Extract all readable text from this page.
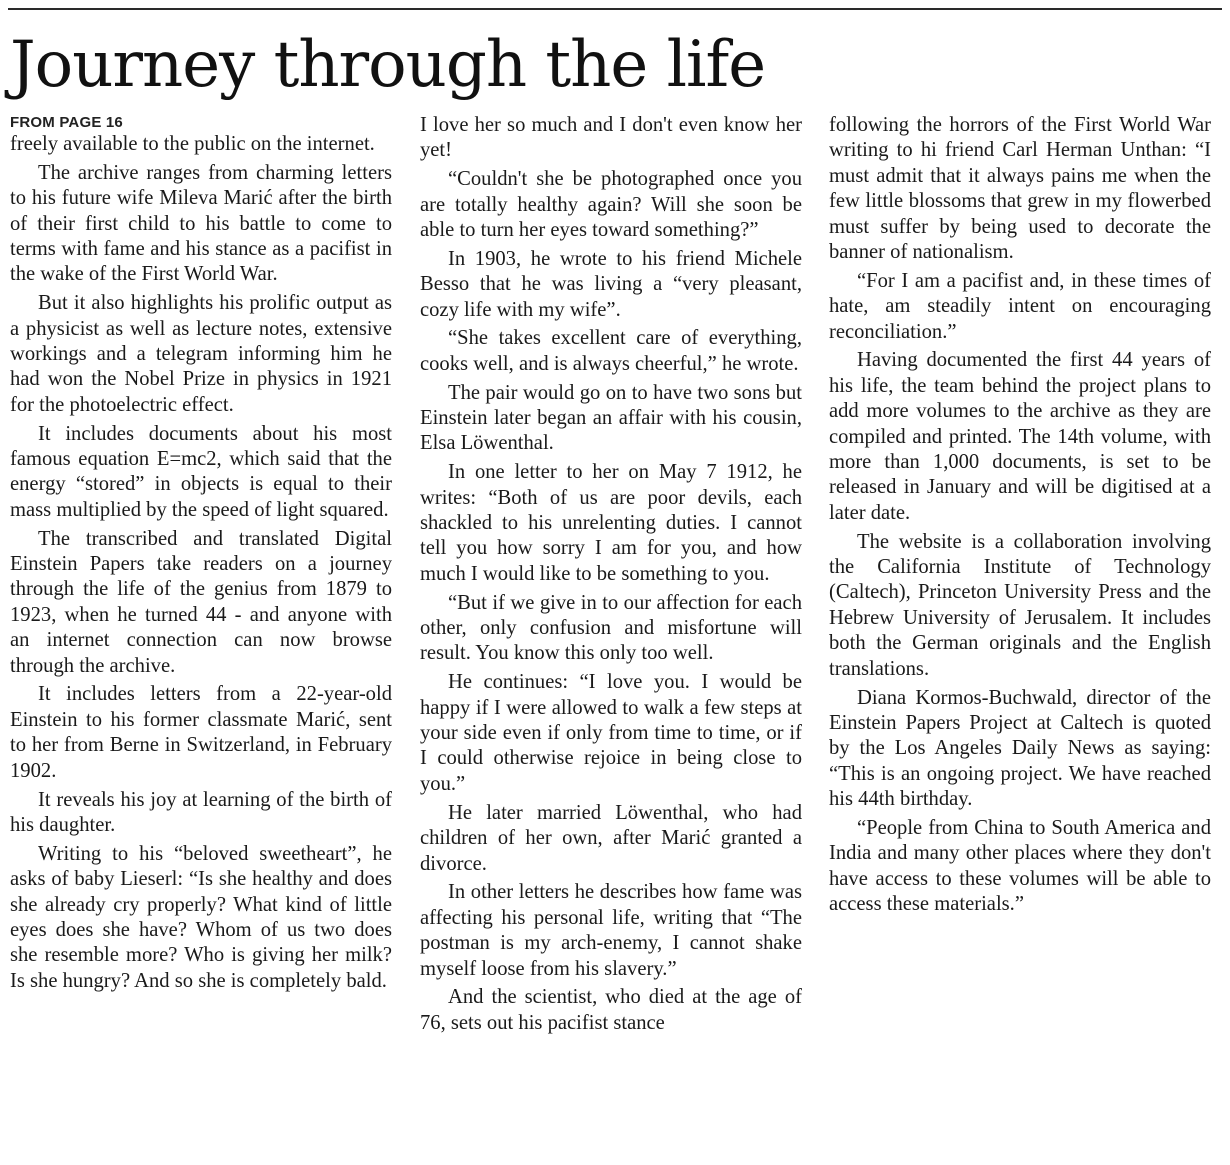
Journey through the life
FROM PAGE 16

freely available to the public on the internet.

The archive ranges from charming letters to his future wife Mileva Marić after the birth of their first child to his battle to come to terms with fame and his stance as a pacifist in the wake of the First World War.

But it also highlights his prolific output as a physicist as well as lecture notes, extensive workings and a telegram informing him he had won the Nobel Prize in physics in 1921 for the photoelectric effect.

It includes documents about his most famous equation E=mc2, which said that the energy “stored” in objects is equal to their mass multiplied by the speed of light squared.

The transcribed and translated Digital Einstein Papers take readers on a journey through the life of the genius from 1879 to 1923, when he turned 44 - and anyone with an internet connection can now browse through the archive.

It includes letters from a 22-year-old Einstein to his former classmate Marić, sent to her from Berne in Switzerland, in February 1902.

It reveals his joy at learning of the birth of his daughter.

Writing to his “beloved sweetheart”, he asks of baby Lieserl: “Is she healthy and does she already cry properly? What kind of little eyes does she have? Whom of us two does she resemble more? Who is giving her milk? Is she hungry? And so she is completely bald.

I love her so much and I don't even know her yet!

“Couldn't she be photographed once you are totally healthy again? Will she soon be able to turn her eyes toward something?”

In 1903, he wrote to his friend Michele Besso that he was living a “very pleasant, cozy life with my wife”.

“She takes excellent care of everything, cooks well, and is always cheerful,” he wrote.

The pair would go on to have two sons but Einstein later began an affair with his cousin, Elsa Löwenthal.

In one letter to her on May 7 1912, he writes: “Both of us are poor devils, each shackled to his unrelenting duties. I cannot tell you how sorry I am for you, and how much I would like to be something to you.

“But if we give in to our affection for each other, only confusion and misfortune will result. You know this only too well.

He continues: “I love you. I would be happy if I were allowed to walk a few steps at your side even if only from time to time, or if I could otherwise rejoice in being close to you.”

He later married Löwenthal, who had children of her own, after Marić granted a divorce.

In other letters he describes how fame was affecting his personal life, writing that “The postman is my arch-enemy, I cannot shake myself loose from his slavery.”

And the scientist, who died at the age of 76, sets out his pacifist stance

following the horrors of the First World War writing to hi friend Carl Herman Unthan: “I must admit that it always pains me when the few little blossoms that grew in my flowerbed must suffer by being used to decorate the banner of nationalism.

“For I am a pacifist and, in these times of hate, am steadily intent on encouraging reconciliation.”

Having documented the first 44 years of his life, the team behind the project plans to add more volumes to the archive as they are compiled and printed. The 14th volume, with more than 1,000 documents, is set to be released in January and will be digitised at a later date.

The website is a collaboration involving the California Institute of Technology (Caltech), Princeton University Press and the Hebrew University of Jerusalem. It includes both the German originals and the English translations.

Diana Kormos-Buchwald, director of the Einstein Papers Project at Caltech is quoted by the Los Angeles Daily News as saying: “This is an ongoing project. We have reached his 44th birthday.

“People from China to South America and India and many other places where they don't have access to these volumes will be able to access these materials.”
